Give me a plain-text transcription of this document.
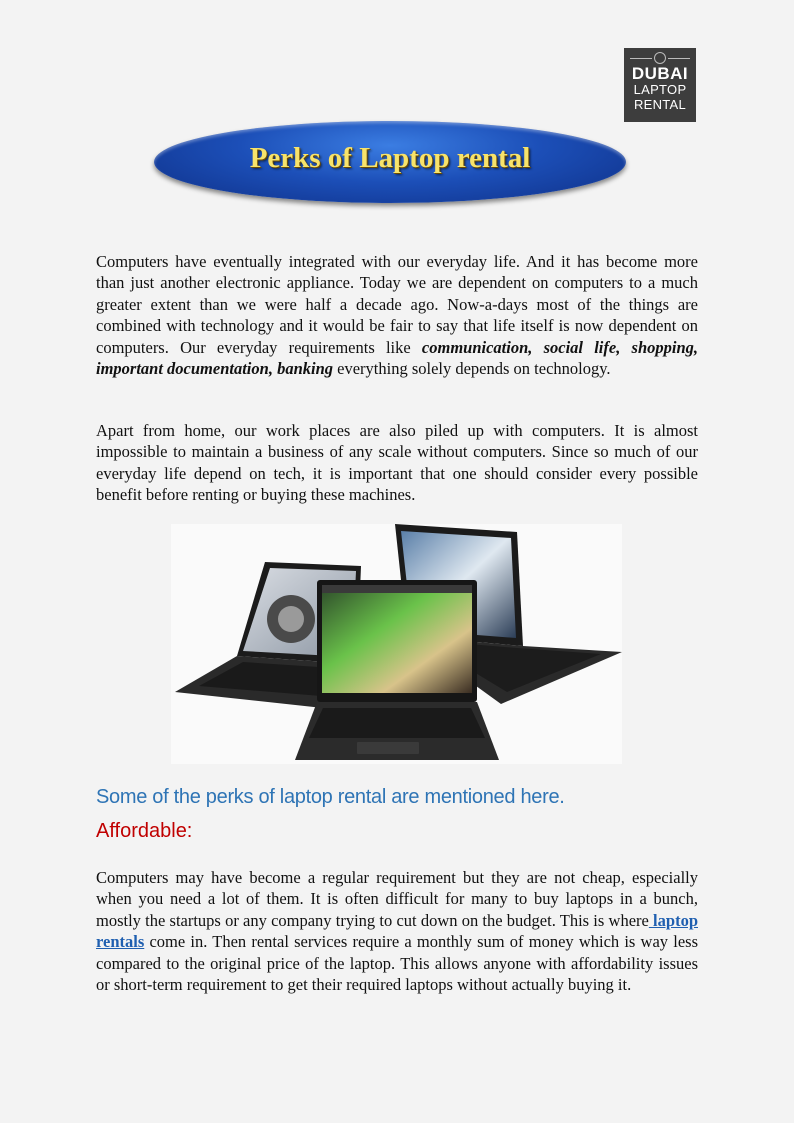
DUBAI
LAPTOP
RENTAL
Perks of Laptop rental

Computers have eventually integrated with our everyday life. And it has become more than just another electronic appliance. Today we are dependent on computers to a much greater extent than we were half a decade ago. Now-a-days most of the things are combined with technology and it would be fair to say that life itself is now dependent on computers. Our everyday requirements like communication, social life, shopping, important documentation, banking everything solely depends on technology.

Apart from home, our work places are also piled up with computers. It is almost impossible to maintain a business of any scale without computers. Since so much of our everyday life depend on tech, it is important that one should consider every possible benefit before renting or buying these machines.

Some of the perks of laptop rental are mentioned here.
Affordable:

Computers may have become a regular requirement but they are not cheap, especially when you need a lot of them. It is often difficult for many to buy laptops in a bunch, mostly the startups or any company trying to cut down on the budget. This is where laptop rentals come in. Then rental services require a monthly sum of money which is way less compared to the original price of the laptop. This allows anyone with affordability issues or short-term requirement to get their required laptops without actually buying it.
